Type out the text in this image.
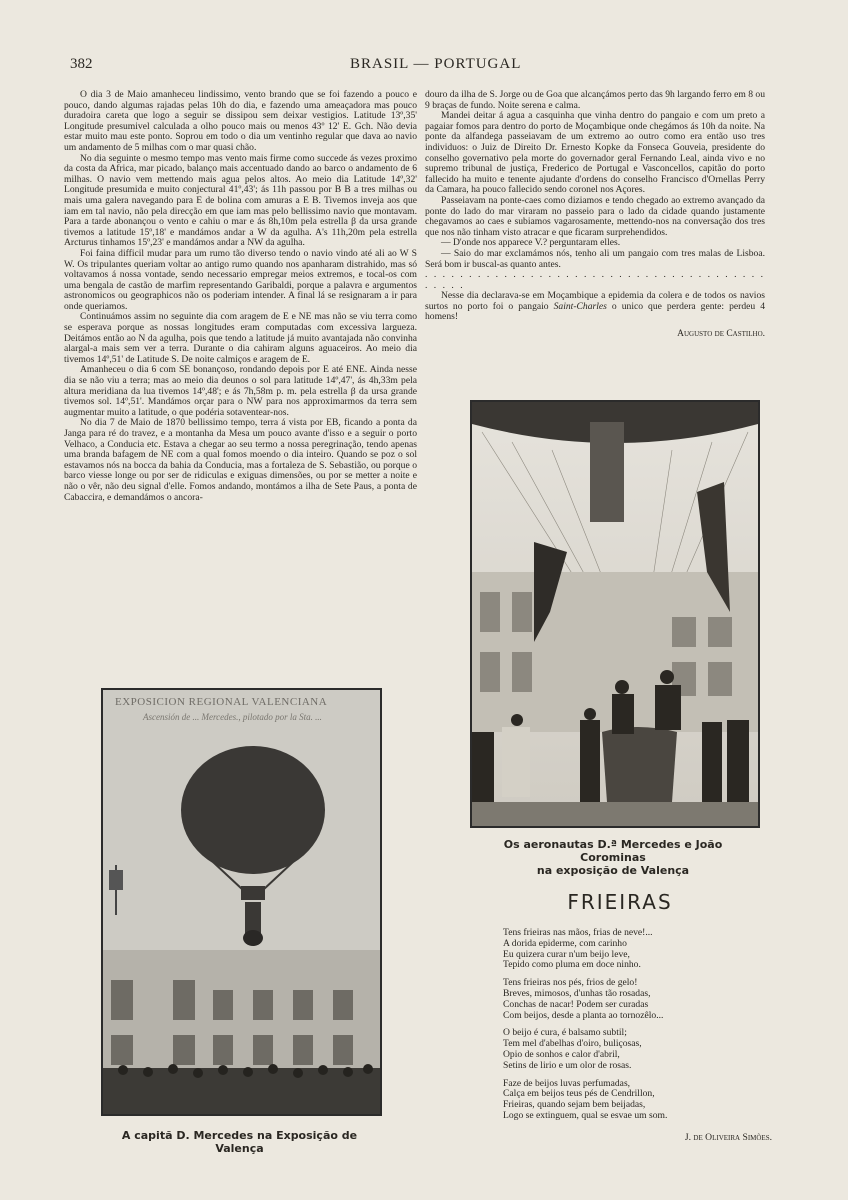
382	BRASIL — PORTUGAL

O dia 3 de Maio amanheceu lindissimo, vento brando que se foi fazendo a pouco e pouco, dando algumas rajadas pelas 10h do dia, e fazendo uma ameaçadora mas pouco duradoira careta que logo a seguir se dissipou sem deixar vestigios. Latitude 13º,35' Longitude presumivel calculada a olho pouco mais ou menos 43º 12' E. Gch. Não devia estar muito mau este ponto. Soprou em todo o dia um ventinho regular que dava ao navio um andamento de 5 milhas com o mar quasi chão.

No dia seguinte o mesmo tempo mas vento mais firme como succede ás vezes proximo da costa da Africa, mar picado, balanço mais accentuado dando ao barco o andamento de 6 milhas. O navio vem mettendo mais agua pelos altos. Ao meio dia Latitude 14º,32' Longitude presumida e muito conjectural 41º,43'; ás 11h passou por B B a tres milhas ou mais uma galera navegando para E de bolina com amuras a E B. Tivemos inveja aos que iam em tal navio, não pela direcção em que iam mas pelo bellissimo navio que montavam. Para a tarde abonançou o vento e cahiu o mar e ás 8h,10m pela estrella β da ursa grande tivemos a latitude 15º,18' e mandámos andar a W da agulha. A's 11h,20m pela estrella Arcturus tinhamos 15º,23' e mandámos andar a NW da agulha.

Foi faina difficil mudar para um rumo tão diverso tendo o navio vindo até ali ao W S W. Os tripulantes queriam voltar ao antigo rumo quando nos apanharam distrahido, mas só voltavamos á nossa vontade, sendo necessario empregar meios extremos, e tocal-os com uma bengala de castão de marfim representando Garibaldi, porque a palavra e argumentos astronomicos ou geographicos não os poderiam intender. A final lá se resignaram a ir para onde queriamos.

Continuámos assim no seguinte dia com aragem de E e NE mas não se viu terra como se esperava porque as nossas longitudes eram computadas com excessiva largueza. Deitámos então ao N da agulha, pois que tendo a latitude já muito avantajada não convinha alargal-a mais sem ver a terra. Durante o dia cahiram alguns aguaceiros. Ao meio dia tivemos 14º,51' de Latitude S. De noite calmiços e aragem de E.

Amanheceu o dia 6 com SE bonançoso, rondando depois por E até ENE. Ainda nesse dia se não viu a terra; mas ao meio dia deunos o sol para latitude 14º,47', ás 4h,33m pela altura meridiana da lua tivemos 14º,48'; e ás 7h,58m p. m. pela estrella β da ursa grande tivemos sol. 14º,51'. Mandámos orçar para o NW para nos approximarmos da terra sem augmentar muito a latitude, o que podéria sotaventear-nos.

No dia 7 de Maio de 1870 bellissimo tempo, terra á vista por EB, ficando a ponta da Janga para ré do travez, e a montanha da Mesa um pouco avante d'isso e a seguir o porto Velhaco, a Conducia etc. Estava a chegar ao seu termo a nossa peregrinação, tendo apenas uma branda bafagem de NE com a qual fomos moendo o dia inteiro. Quando se poz o sol estavamos nós na bocca da bahia da Conducia, mas a fortaleza de S. Sebastião, ou porque o barco viesse longe ou por ser de ridiculas e exiguas dimensões, ou por se metter a noite e não o vêr, não deu signal d'elle. Fomos andando, montámos a ilha de Sete Paus, a ponta de Cabaccira, e demandámos o ancora-

douro da ilha de S. Jorge ou de Goa que alcançámos perto das 9h largando ferro em 8 ou 9 braças de fundo. Noite serena e calma.

Mandei deitar á agua a casquinha que vinha dentro do pangaio e com um preto a pagaiar fomos para dentro do porto de Moçambique onde chegámos ás 10h da noite. Na ponte da alfandega passeiavam de um extremo ao outro como era então uso tres individuos: o Juiz de Direito Dr. Ernesto Kopke da Fonseca Gouveia, presidente do conselho governativo pela morte do governador geral Fernando Leal, ainda vivo e no supremo tribunal de justiça, Frederico de Portugal e Vasconcellos, capitão do porto fallecido ha muito e tenente ajudante d'ordens do conselho Francisco d'Ornellas Perry da Camara, ha pouco fallecido sendo coronel nos Açores.

Passeiavam na ponte-caes como diziamos e tendo chegado ao extremo avançado da ponte do lado do mar viraram no passeio para o lado da cidade quando justamente chegavamos ao caes e subiamos vagarosamente, mettendo-nos na conversação dos tres que nos não tinham visto atracar e que ficaram surprehendidos.

— D'onde nos apparece V.? perguntaram elles.

— Saio do mar exclamámos nós, tenho ali um pangaio com tres malas de Lisboa. Será bom ir buscal-as quanto antes.

. . . . . . . . . . . . . . . . . . . . . . . . . . . . . . . . . . . . . . . . . . . .

Nesse dia declarava-se em Moçambique a epidemia da colera e de todos os navios surtos no porto foi o pangaio Saint-Charles o unico que perdera gente: perdeu 4 homens!

Augusto de Castilho.

Os aeronautas D.ª Mercedes e João Corominas
na exposição de Valença
EXPOSICION REGIONAL VALENCIANA
Ascensión de ... Mercedes., pilotado por la Sta. ...
A capitã D. Mercedes na Exposição de Valença
FRIEIRAS
Tens frieiras nas mãos, frias de neve!...
A dorida epiderme, com carinho
Eu quizera curar n'um beijo leve,
Tepido como pluma em doce ninho.
Tens frieiras nos pés, frios de gelo!
Breves, mimosos, d'unhas tão rosadas,
Conchas de nacar! Podem ser curadas
Com beijos, desde a planta ao tornozêlo...
O beijo é cura, é balsamo subtil;
Tem mel d'abelhas d'oiro, buliçosas,
Opio de sonhos e calor d'abril,
Setins de lirio e um olor de rosas.
Faze de beijos luvas perfumadas,
Calça em beijos teus pés de Cendrillon,
Frieiras, quando sejam bem beijadas,
Logo se extinguem, qual se esvae um som.
J. de Oliveira Simões.
